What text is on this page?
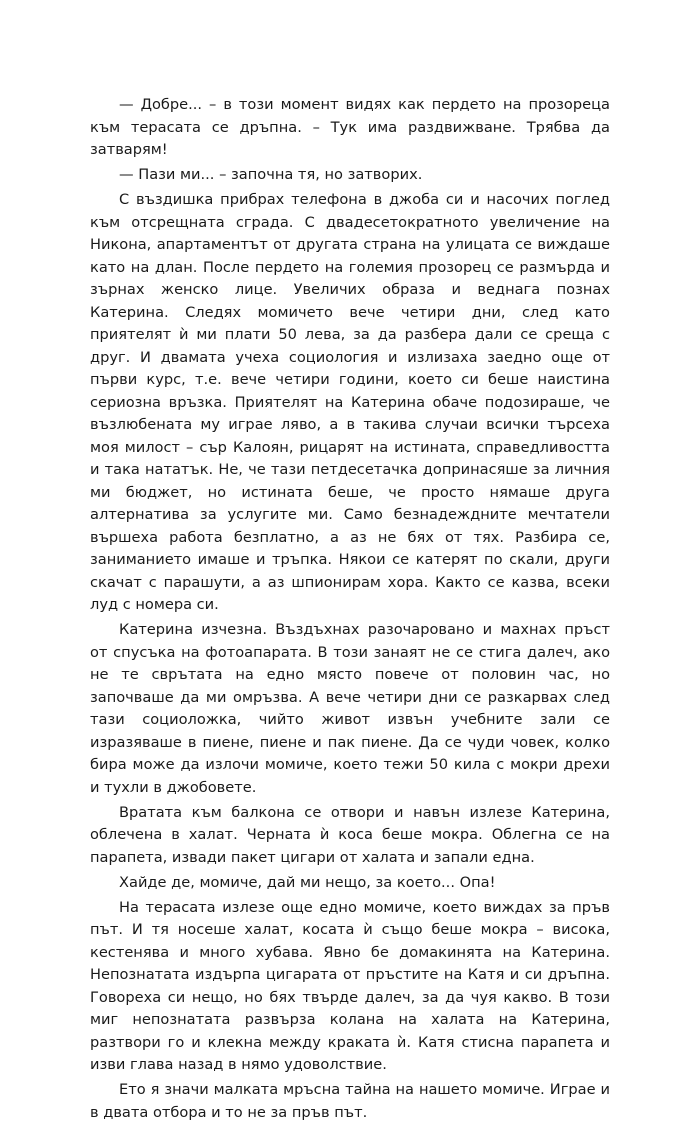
— Добре... – в този момент видях как пердето на прозореца към терасата се дръпна. – Тук има раздвижване. Трябва да затварям!

— Пази ми... – започна тя, но затворих.

С въздишка прибрах телефона в джоба си и насочих поглед към отсрещната сграда. С двадесетократното увеличение на Никона, апартаментът от другата страна на улицата се виждаше като на длан. После пердето на големия прозорец се размърда и зърнах женско лице. Увеличих образа и веднага познах Катерина. Следях момичето вече четири дни, след като приятелят ѝ ми плати 50 лева, за да разбера дали се среща с друг. И двамата учеха социология и излизаха заедно още от първи курс, т.е. вече четири години, което си беше наистина сериозна връзка. Приятелят на Катерина обаче подозираше, че възлюбената му играе ляво, а в такива случаи всички търсеха моя милост – сър Калоян, рицарят на истината, справедливостта и така нататък. Не, че тази петдесетачка допринасяше за личния ми бюджет, но истината беше, че просто нямаше друга алтернатива за услугите ми. Само безнадеждните мечтатели вършеха работа безплатно, а аз не бях от тях. Разбира се, заниманието имаше и тръпка. Някои се катерят по скали, други скачат с парашути, а аз шпионирам хора. Както се казва, всеки луд с номера си.

Катерина изчезна. Въздъхнах разочаровано и махнах пръст от спусъка на фотоапарата. В този занаят не се стига далеч, ако не те сврътата на едно място повече от половин час, но започваше да ми омръзва. А вече четири дни се разкарвах след тази социоложка, чийто живот извън учебните зали се изразяваше в пиене, пиене и пак пиене. Да се чуди човек, колко бира може да излочи момиче, което тежи 50 кила с мокри дрехи и тухли в джобовете.

Вратата към балкона се отвори и навън излезе Катерина, облечена в халат. Черната ѝ коса беше мокра. Облегна се на парапета, извади пакет цигари от халата и запали една.

Хайде де, момиче, дай ми нещо, за което... Опа!

На терасата излезе още едно момиче, което виждах за пръв път. И тя носеше халат, косата ѝ също беше мокра – висока, кестенява и много хубава. Явно бе домакинята на Катерина. Непознатата издърпа цигарата от пръстите на Катя и си дръпна. Говореха си нещо, но бях твърде далеч, за да чуя какво. В този миг непознатата развърза колана на халата на Катерина, разтвори го и клекна между краката ѝ. Катя стисна парапета и изви глава назад в нямо удоволствие.

Ето я значи малката мръсна тайна на нашето момиче. Играе и в двата отбора и то не за пръв път.
